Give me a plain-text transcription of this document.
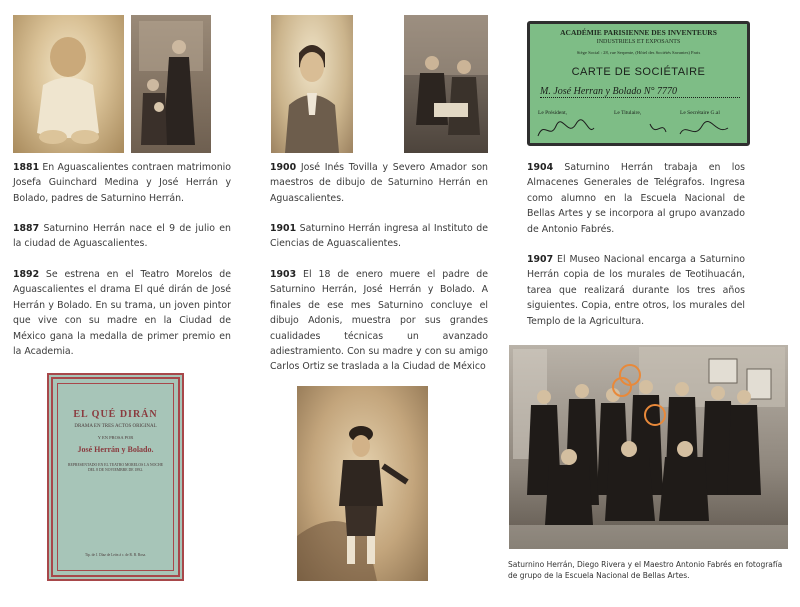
ACADÉMIE PARISIENNE DES INVENTEURS
INDUSTRIELS ET EXPOSANTS
Siège Social : 28, rue Serpente, (Hôtel des Sociétés Savantes) Paris
CARTE DE SOCIÉTAIRE
M. José Herran y Bolado N° 7770
Le Président,	Le Titulaire,	Le Secrétaire G.al

1881 En Aguascalientes contraen matrimonio Josefa Guinchard Medina y José Herrán y Bolado, padres de Saturnino Herrán.

1887 Saturnino Herrán nace el 9 de julio en la ciudad de Aguascalientes.

1892 Se estrena en el Teatro Morelos de Aguascalientes el drama El qué dirán de José Herrán y Bolado. En su trama, un joven pintor que vive con su madre en la Ciudad de México gana la medalla de primer premio en la Academia.

1900 José Inés Tovilla y Severo Amador son maestros de dibujo de Saturnino Herrán en Aguascalientes.

1901 Saturnino Herrán ingresa al Instituto de Ciencias de Aguascalientes.

1903 El 18 de enero muere el padre de Saturnino Herrán, José Herrán y Bolado. A finales de ese mes Saturnino concluye el dibujo Adonis, muestra por sus grandes cualidades técnicas un avanzado adiestramiento. Con su madre y con su amigo Carlos Ortiz se traslada a la Ciudad de México

1904 Saturnino Herrán trabaja en los Almacenes Generales de Telégrafos. Ingresa como alumno en la Escuela Nacional de Bellas Artes y se incorpora al grupo avanzado de Antonio Fabrés.

1907 El Museo Nacional encarga a Saturnino Herrán copia de los murales de Teotihuacán, tarea que realizará durante los tres años siguientes. Copia, entre otros, los murales del Templo de la Agricultura.

EL QUÉ DIRÁN
DRAMA EN TRES ACTOS ORIGINAL
Y EN PROSA POR
José Herrán y Bolado.
REPRESENTADO EN EL TEATRO MORELOS LA NOCHE DEL 8 DE NOVIEMBRE DE 1892.
Tip. de J. Díaz de León á c. de R. B. Rosa.
Saturnino Herrán, Diego Rivera y el Maestro Antonio Fabrés en fotografía de grupo de la Escuela Nacional de Bellas Artes.
